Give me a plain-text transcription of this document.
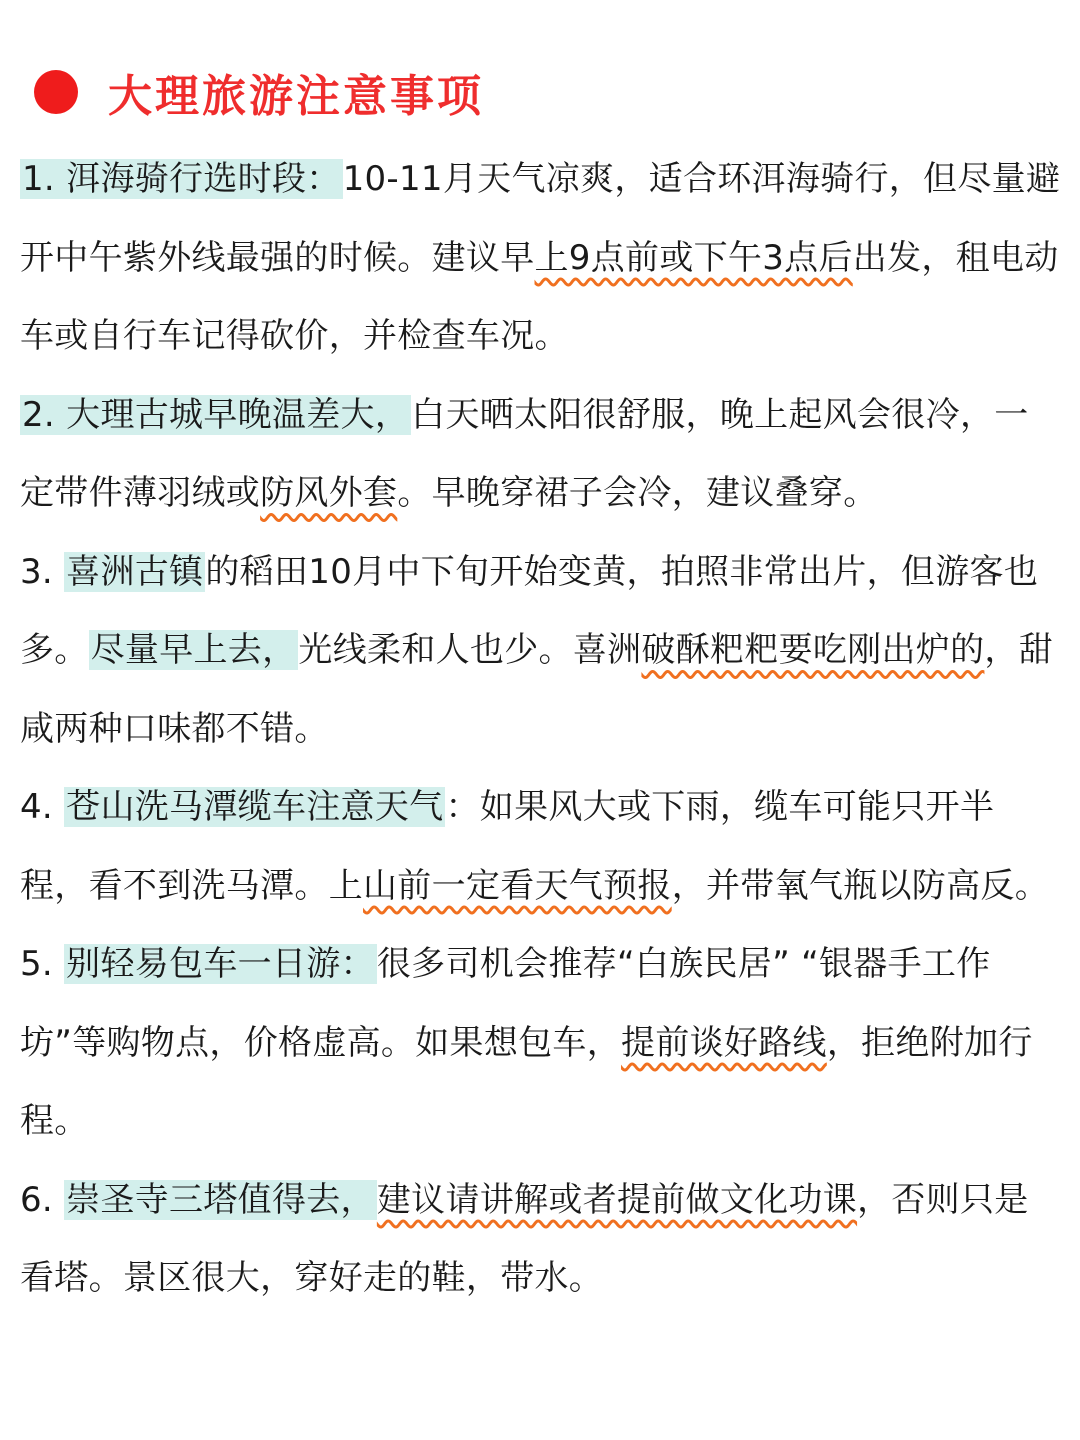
大理旅游注意事项

1. 洱海骑行选时段：10-11月天气凉爽，适合环洱海骑行，但尽量避开中午紫外线最强的时候。建议早上9点前或下午3点后出发，租电动车或自行车记得砍价，并检查车况。

2. 大理古城早晚温差大，白天晒太阳很舒服，晚上起风会很冷，一定带件薄羽绒或防风外套。早晚穿裙子会冷，建议叠穿。

3. 喜洲古镇的稻田10月中下旬开始变黄，拍照非常出片，但游客也多。尽量早上去，光线柔和人也少。喜洲破酥粑粑要吃刚出炉的，甜咸两种口味都不错。

4. 苍山洗马潭缆车注意天气：如果风大或下雨，缆车可能只开半程，看不到洗马潭。上山前一定看天气预报，并带氧气瓶以防高反。

5. 别轻易包车一日游：很多司机会推荐“白族民居” “银器手工作坊”等购物点，价格虚高。如果想包车，提前谈好路线，拒绝附加行程。

6. 崇圣寺三塔值得去，建议请讲解或者提前做文化功课，否则只是看塔。景区很大，穿好走的鞋，带水。
